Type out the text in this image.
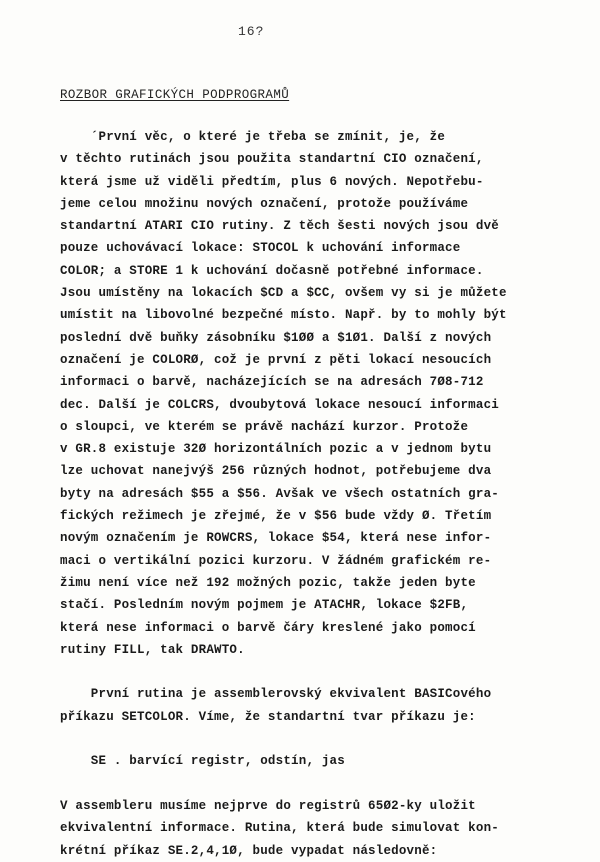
16?
ROZBOR GRAFICKÝCH PODPROGRAMŮ
´První věc, o které je třeba se zmínit, je, že
v těchto rutinách jsou použita standartní CIO označení,
která jsme už viděli předtím, plus 6 nových. Nepotřebu-
jeme celou množinu nových označení, protože používáme
standartní ATARI CIO rutiny. Z těch šesti nových jsou dvě
pouze uchovávací lokace: STOCOL k uchování informace
COLOR; a STORE 1 k uchování dočasně potřebné informace.
Jsou umístěny na lokacích $CD a $CC, ovšem vy si je můžete
umístit na libovolné bezpečné místo. Např. by to mohly být
poslední dvě buňky zásobníku $1ØØ a $1Ø1. Další z nových
označení je COLORØ, což je první z pěti lokací nesoucích
informaci o barvě, nacházejících se na adresách 7Ø8-712
dec. Další je COLCRS, dvoubytová lokace nesoucí informaci
o sloupci, ve kterém se právě nachází kurzor. Protože
v GR.8 existuje 32Ø horizontálních pozic a v jednom bytu
lze uchovat nanejvýš 256 různých hodnot, potřebujeme dva
byty na adresách $55 a $56. Avšak ve všech ostatních gra-
fických režimech je zřejmé, že v $56 bude vždy Ø. Třetím
novým označením je ROWCRS, lokace $54, která nese infor-
maci o vertikální pozici kurzoru. V žádném grafickém re-
žimu není více než 192 možných pozic, takže jeden byte
stačí. Posledním novým pojmem je ATACHR, lokace $2FB,
která nese informaci o barvě čáry kreslené jako pomocí
rutiny FILL, tak DRAWTO.
První rutina je assemblerovský ekvivalent BASICového
příkazu SETCOLOR. Víme, že standartní tvar příkazu je:
SE . barvící registr, odstín, jas
V assembleru musíme nejprve do registrů 65Ø2-ky uložit
ekvivalentní informace. Rutina, která bude simulovat kon-
krétní příkaz SE.2,4,1Ø, bude vypadat následovně:
